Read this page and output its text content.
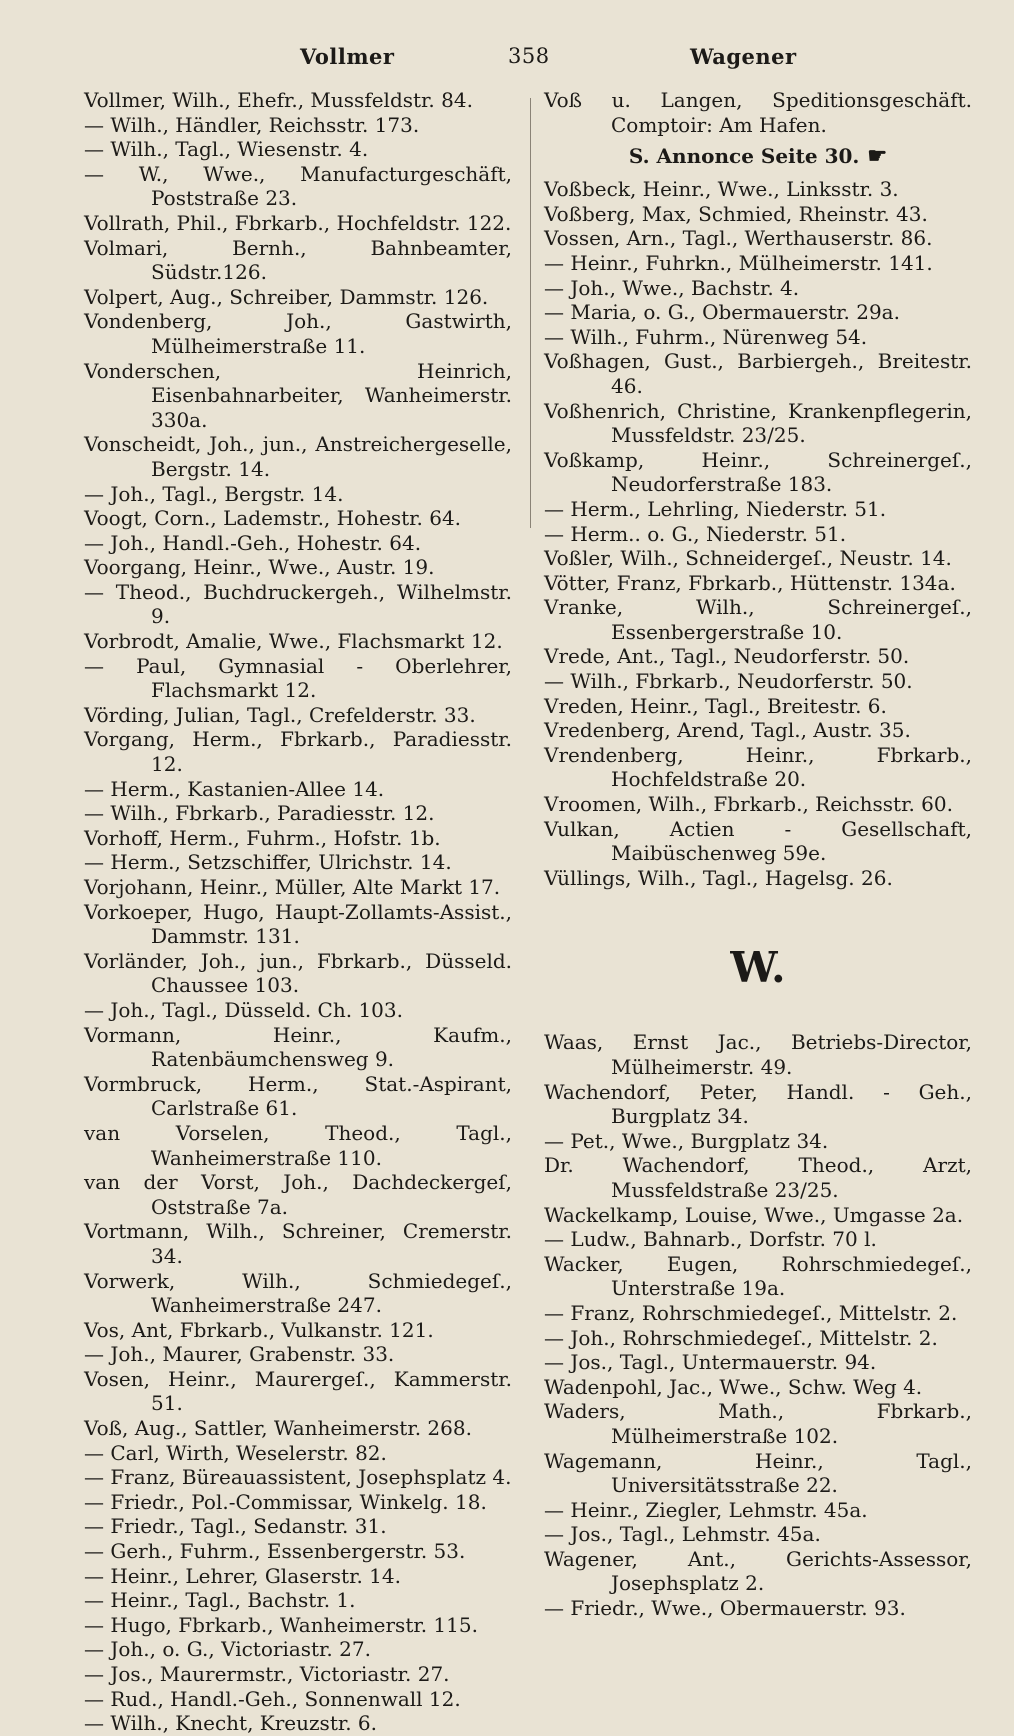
Vollmer	358	Wagener
Vollmer, Wilh., Ehefr., Mussfeldstr. 84.
— Wilh., Händler, Reichsstr. 173.
— Wilh., Tagl., Wiesenstr. 4.
— W., Wwe., Manufacturgeschäft, Poststraße 23.
Vollrath, Phil., Fbrkarb., Hochfeldstr. 122.
Volmari, Bernh., Bahnbeamter, Südstr.126.
Volpert, Aug., Schreiber, Dammstr. 126.
Vondenberg, Joh., Gastwirth, Mülheimerstraße 11.
Vonderschen, Heinrich, Eisenbahnarbeiter, Wanheimerstr. 330a.
Vonscheidt, Joh., jun., Anstreichergeselle, Bergstr. 14.
— Joh., Tagl., Bergstr. 14.
Voogt, Corn., Lademstr., Hohestr. 64.
— Joh., Handl.-Geh., Hohestr. 64.
Voorgang, Heinr., Wwe., Austr. 19.
— Theod., Buchdruckergeh., Wilhelmstr. 9.
Vorbrodt, Amalie, Wwe., Flachsmarkt 12.
— Paul, Gymnasial - Oberlehrer, Flachsmarkt 12.
Vörding, Julian, Tagl., Crefelderstr. 33.
Vorgang, Herm., Fbrkarb., Paradiesstr. 12.
— Herm., Kastanien-Allee 14.
— Wilh., Fbrkarb., Paradiesstr. 12.
Vorhoff, Herm., Fuhrm., Hofstr. 1b.
— Herm., Setzschiffer, Ulrichstr. 14.
Vorjohann, Heinr., Müller, Alte Markt 17.
Vorkoeper, Hugo, Haupt-Zollamts-Assist., Dammstr. 131.
Vorländer, Joh., jun., Fbrkarb., Düsseld. Chaussee 103.
— Joh., Tagl., Düsseld. Ch. 103.
Vormann, Heinr., Kaufm., Ratenbäumchensweg 9.
Vormbruck, Herm., Stat.-Aspirant, Carlstraße 61.
van Vorselen, Theod., Tagl., Wanheimerstraße 110.
van der Vorst, Joh., Dachdeckergeſ, Oststraße 7a.
Vortmann, Wilh., Schreiner, Cremerstr. 34.
Vorwerk, Wilh., Schmiedegeſ., Wanheimerstraße 247.
Vos, Ant, Fbrkarb., Vulkanstr. 121.
— Joh., Maurer, Grabenstr. 33.
Vosen, Heinr., Maurergeſ., Kammerstr. 51.
Voß, Aug., Sattler, Wanheimerstr. 268.
— Carl, Wirth, Weselerstr. 82.
— Franz, Büreauassistent, Josephsplatz 4.
— Friedr., Pol.-Commissar, Winkelg. 18.
— Friedr., Tagl., Sedanstr. 31.
— Gerh., Fuhrm., Essenbergerstr. 53.
— Heinr., Lehrer, Glaserstr. 14.
— Heinr., Tagl., Bachstr. 1.
— Hugo, Fbrkarb., Wanheimerstr. 115.
— Joh., o. G., Victoriastr. 27.
— Jos., Maurermstr., Victoriastr. 27.
— Rud., Handl.-Geh., Sonnenwall 12.
— Wilh., Knecht, Kreuzstr. 6.
Voß u. Langen, Speditionsgeschäft. Comptoir: Am Hafen.
S. Annonce Seite 30. ☛
Voßbeck, Heinr., Wwe., Linksstr. 3.
Voßberg, Max, Schmied, Rheinstr. 43.
Vossen, Arn., Tagl., Werthauserstr. 86.
— Heinr., Fuhrkn., Mülheimerstr. 141.
— Joh., Wwe., Bachstr. 4.
— Maria, o. G., Obermauerstr. 29a.
— Wilh., Fuhrm., Nürenweg 54.
Voßhagen, Gust., Barbiergeh., Breitestr. 46.
Voßhenrich, Christine, Krankenpflegerin, Mussfeldstr. 23/25.
Voßkamp, Heinr., Schreinergeſ., Neudorferstraße 183.
— Herm., Lehrling, Niederstr. 51.
— Herm.. o. G., Niederstr. 51.
Voßler, Wilh., Schneidergeſ., Neustr. 14.
Vötter, Franz, Fbrkarb., Hüttenstr. 134a.
Vranke, Wilh., Schreinergeſ., Essenbergerstraße 10.
Vrede, Ant., Tagl., Neudorferstr. 50.
— Wilh., Fbrkarb., Neudorferstr. 50.
Vreden, Heinr., Tagl., Breitestr. 6.
Vredenberg, Arend, Tagl., Austr. 35.
Vrendenberg, Heinr., Fbrkarb., Hochfeldstraße 20.
Vroomen, Wilh., Fbrkarb., Reichsstr. 60.
Vulkan, Actien - Gesellschaft, Maibüschenweg 59e.
Vüllings, Wilh., Tagl., Hagelsg. 26.
W.
Waas, Ernst Jac., Betriebs-Director, Mülheimerstr. 49.
Wachendorf, Peter, Handl. - Geh., Burgplatz 34.
— Pet., Wwe., Burgplatz 34.
Dr. Wachendorf, Theod., Arzt, Mussfeldstraße 23/25.
Wackelkamp, Louise, Wwe., Umgasse 2a.
— Ludw., Bahnarb., Dorfstr. 70 l.
Wacker, Eugen, Rohrschmiedegeſ., Unterstraße 19a.
— Franz, Rohrschmiedegeſ., Mittelstr. 2.
— Joh., Rohrschmiedegeſ., Mittelstr. 2.
— Jos., Tagl., Untermauerstr. 94.
Wadenpohl, Jac., Wwe., Schw. Weg 4.
Waders, Math., Fbrkarb., Mülheimerstraße 102.
Wagemann, Heinr., Tagl., Universitätsstraße 22.
— Heinr., Ziegler, Lehmstr. 45a.
— Jos., Tagl., Lehmstr. 45a.
Wagener, Ant., Gerichts-Assessor, Josephsplatz 2.
— Friedr., Wwe., Obermauerstr. 93.
